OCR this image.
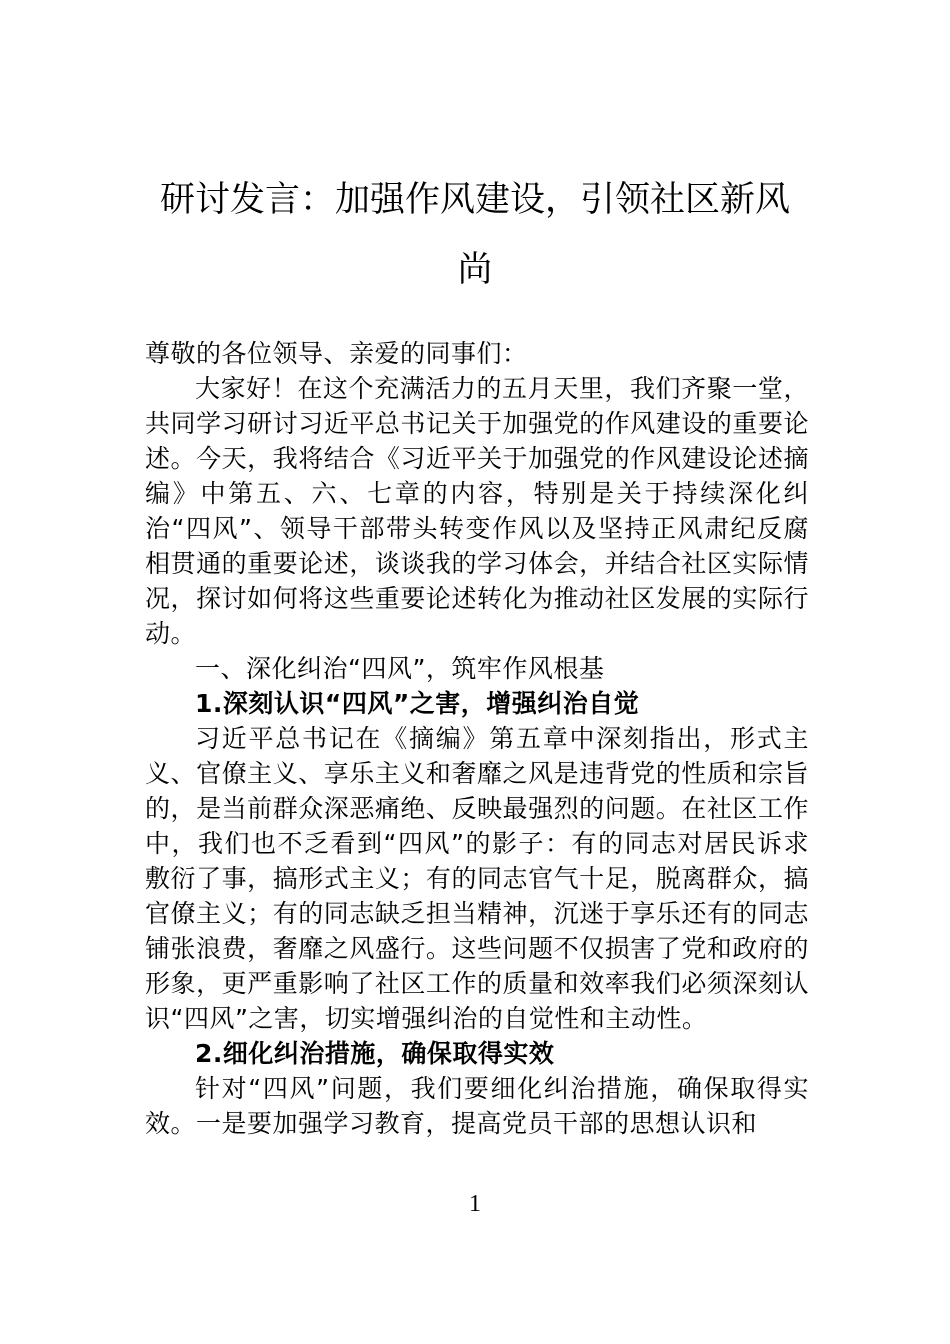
研讨发言：加强作风建设，引领社区新风尚

尊敬的各位领导、亲爱的同事们：

大家好！在这个充满活力的五月天里，我们齐聚一堂，共同学习研讨习近平总书记关于加强党的作风建设的重要论述。今天，我将结合《习近平关于加强党的作风建设论述摘编》中第五、六、七章的内容，特别是关于持续深化纠治“四风”、领导干部带头转变作风以及坚持正风肃纪反腐相贯通的重要论述，谈谈我的学习体会，并结合社区实际情况，探讨如何将这些重要论述转化为推动社区发展的实际行动。

一、深化纠治“四风”，筑牢作风根基

1.深刻认识“四风”之害，增强纠治自觉

习近平总书记在《摘编》第五章中深刻指出，形式主义、官僚主义、享乐主义和奢靡之风是违背党的性质和宗旨的，是当前群众深恶痛绝、反映最强烈的问题。在社区工作中，我们也不乏看到“四风”的影子：有的同志对居民诉求敷衍了事，搞形式主义；有的同志官气十足，脱离群众，搞官僚主义；有的同志缺乏担当精神，沉迷于享乐还有的同志铺张浪费，奢靡之风盛行。这些问题不仅损害了党和政府的形象，更严重影响了社区工作的质量和效率我们必须深刻认识“四风”之害，切实增强纠治的自觉性和主动性。

2.细化纠治措施，确保取得实效

针对“四风”问题，我们要细化纠治措施，确保取得实效。一是要加强学习教育，提高党员干部的思想认识和

1
